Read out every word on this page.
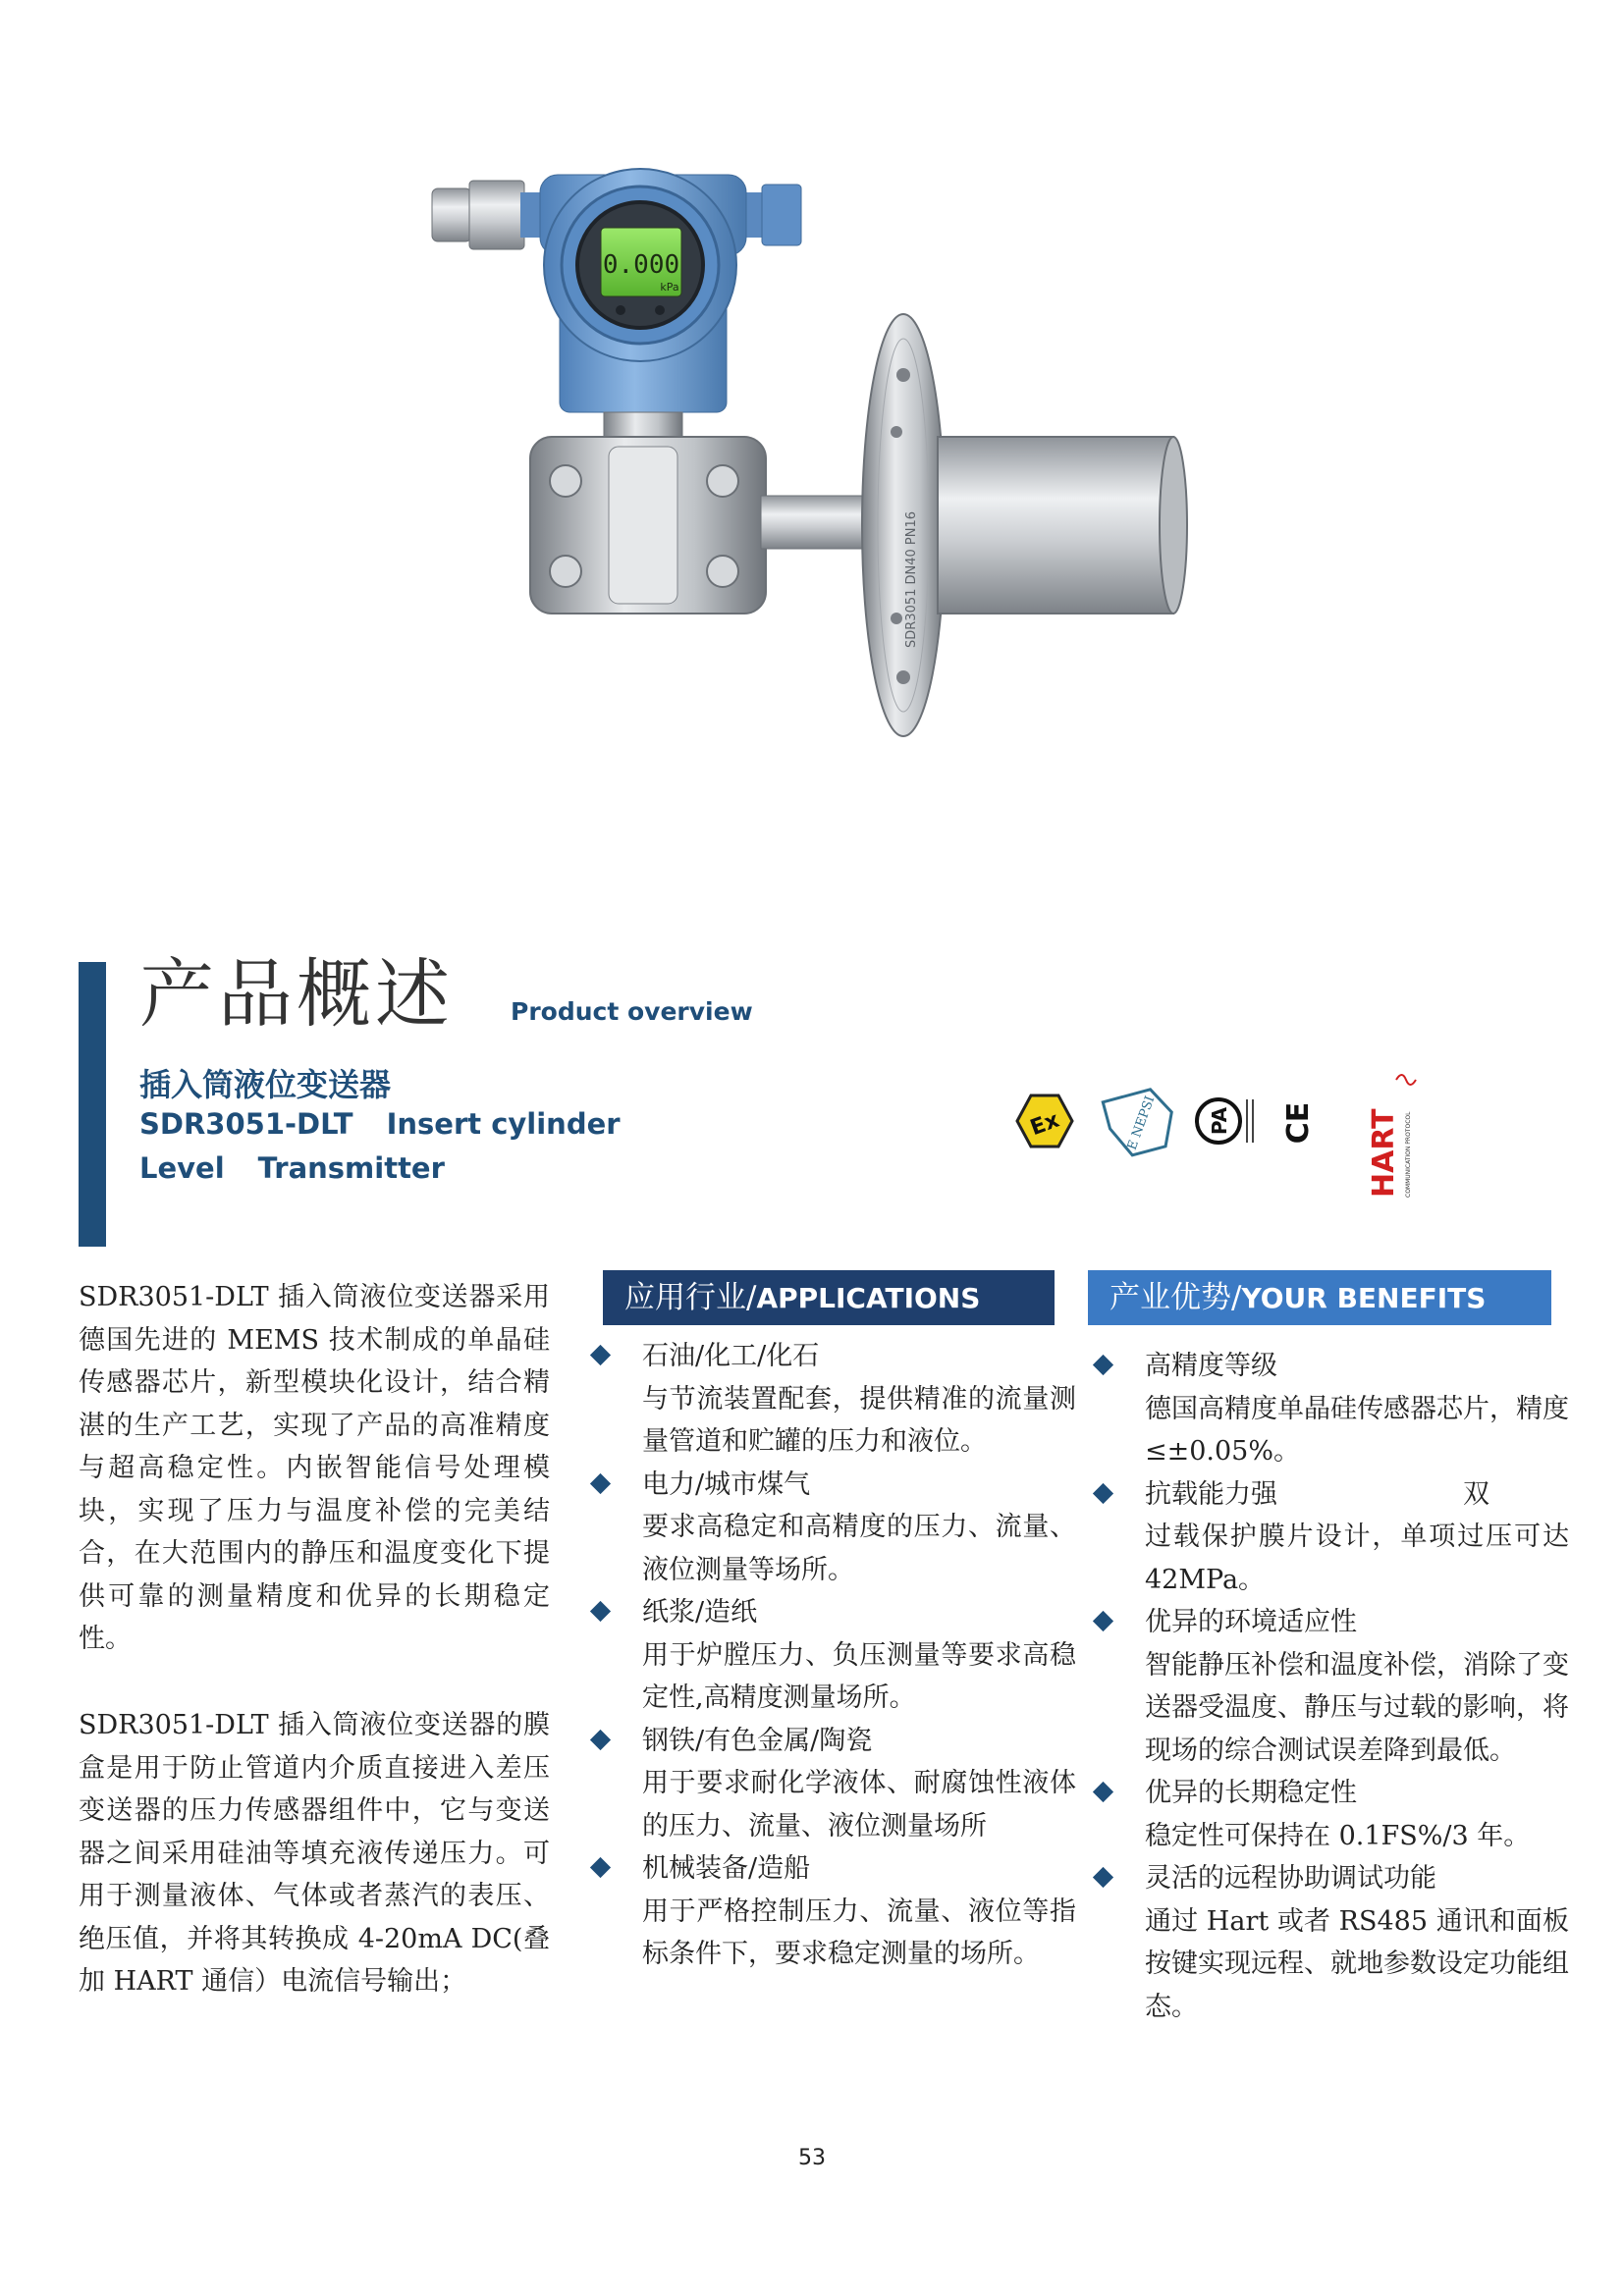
0.000
kPa
SDR3051 DN40 PN16
产品概述 Product overview
插入筒液位变送器
SDR3051-DLT Insert cylinder
Level Transmitter
Ex	E NEPSI	PA CE HART COMMUNICATION PROTOCOL
SDR3051-DLT 插入筒液位变送器采用德国先进的 MEMS 技术制成的单晶硅传感器芯片，新型模块化设计，结合精湛的生产工艺，实现了产品的高准精度与超高稳定性。内嵌智能信号处理模块，实现了压力与温度补偿的完美结合，在大范围内的静压和温度变化下提供可靠的测量精度和优异的长期稳定性。
SDR3051-DLT 插入筒液位变送器的膜盒是用于防止管道内介质直接进入差压变送器的压力传感器组件中，它与变送器之间采用硅油等填充液传递压力。可用于测量液体、气体或者蒸汽的表压、绝压值，并将其转换成 4-20mA DC(叠加 HART 通信）电流信号输出；
应用行业/APPLICATIONS
石油/化工/化石
与节流装置配套，提供精准的流量测量管道和贮罐的压力和液位。
电力/城市煤气
要求高稳定和高精度的压力、流量、液位测量等场所。
纸浆/造纸
用于炉膛压力、负压测量等要求高稳定性,高精度测量场所。
钢铁/有色金属/陶瓷
用于要求耐化学液体、耐腐蚀性液体的压力、流量、液位测量场所
机械装备/造船
用于严格控制压力、流量、液位等指标条件下，要求稳定测量的场所。
产业优势/YOUR BENEFITS
高精度等级
德国高精度单晶硅传感器芯片，精度≤±0.05%。
抗载能力强　　　　　　　双
过载保护膜片设计，单项过压可达 42MPa。
优异的环境适应性
智能静压补偿和温度补偿，消除了变送器受温度、静压与过载的影响，将现场的综合测试误差降到最低。
优异的长期稳定性
稳定性可保持在 0.1FS%/3 年。
灵活的远程协助调试功能
通过 Hart 或者 RS485 通讯和面板按键实现远程、就地参数设定功能组态。
53
